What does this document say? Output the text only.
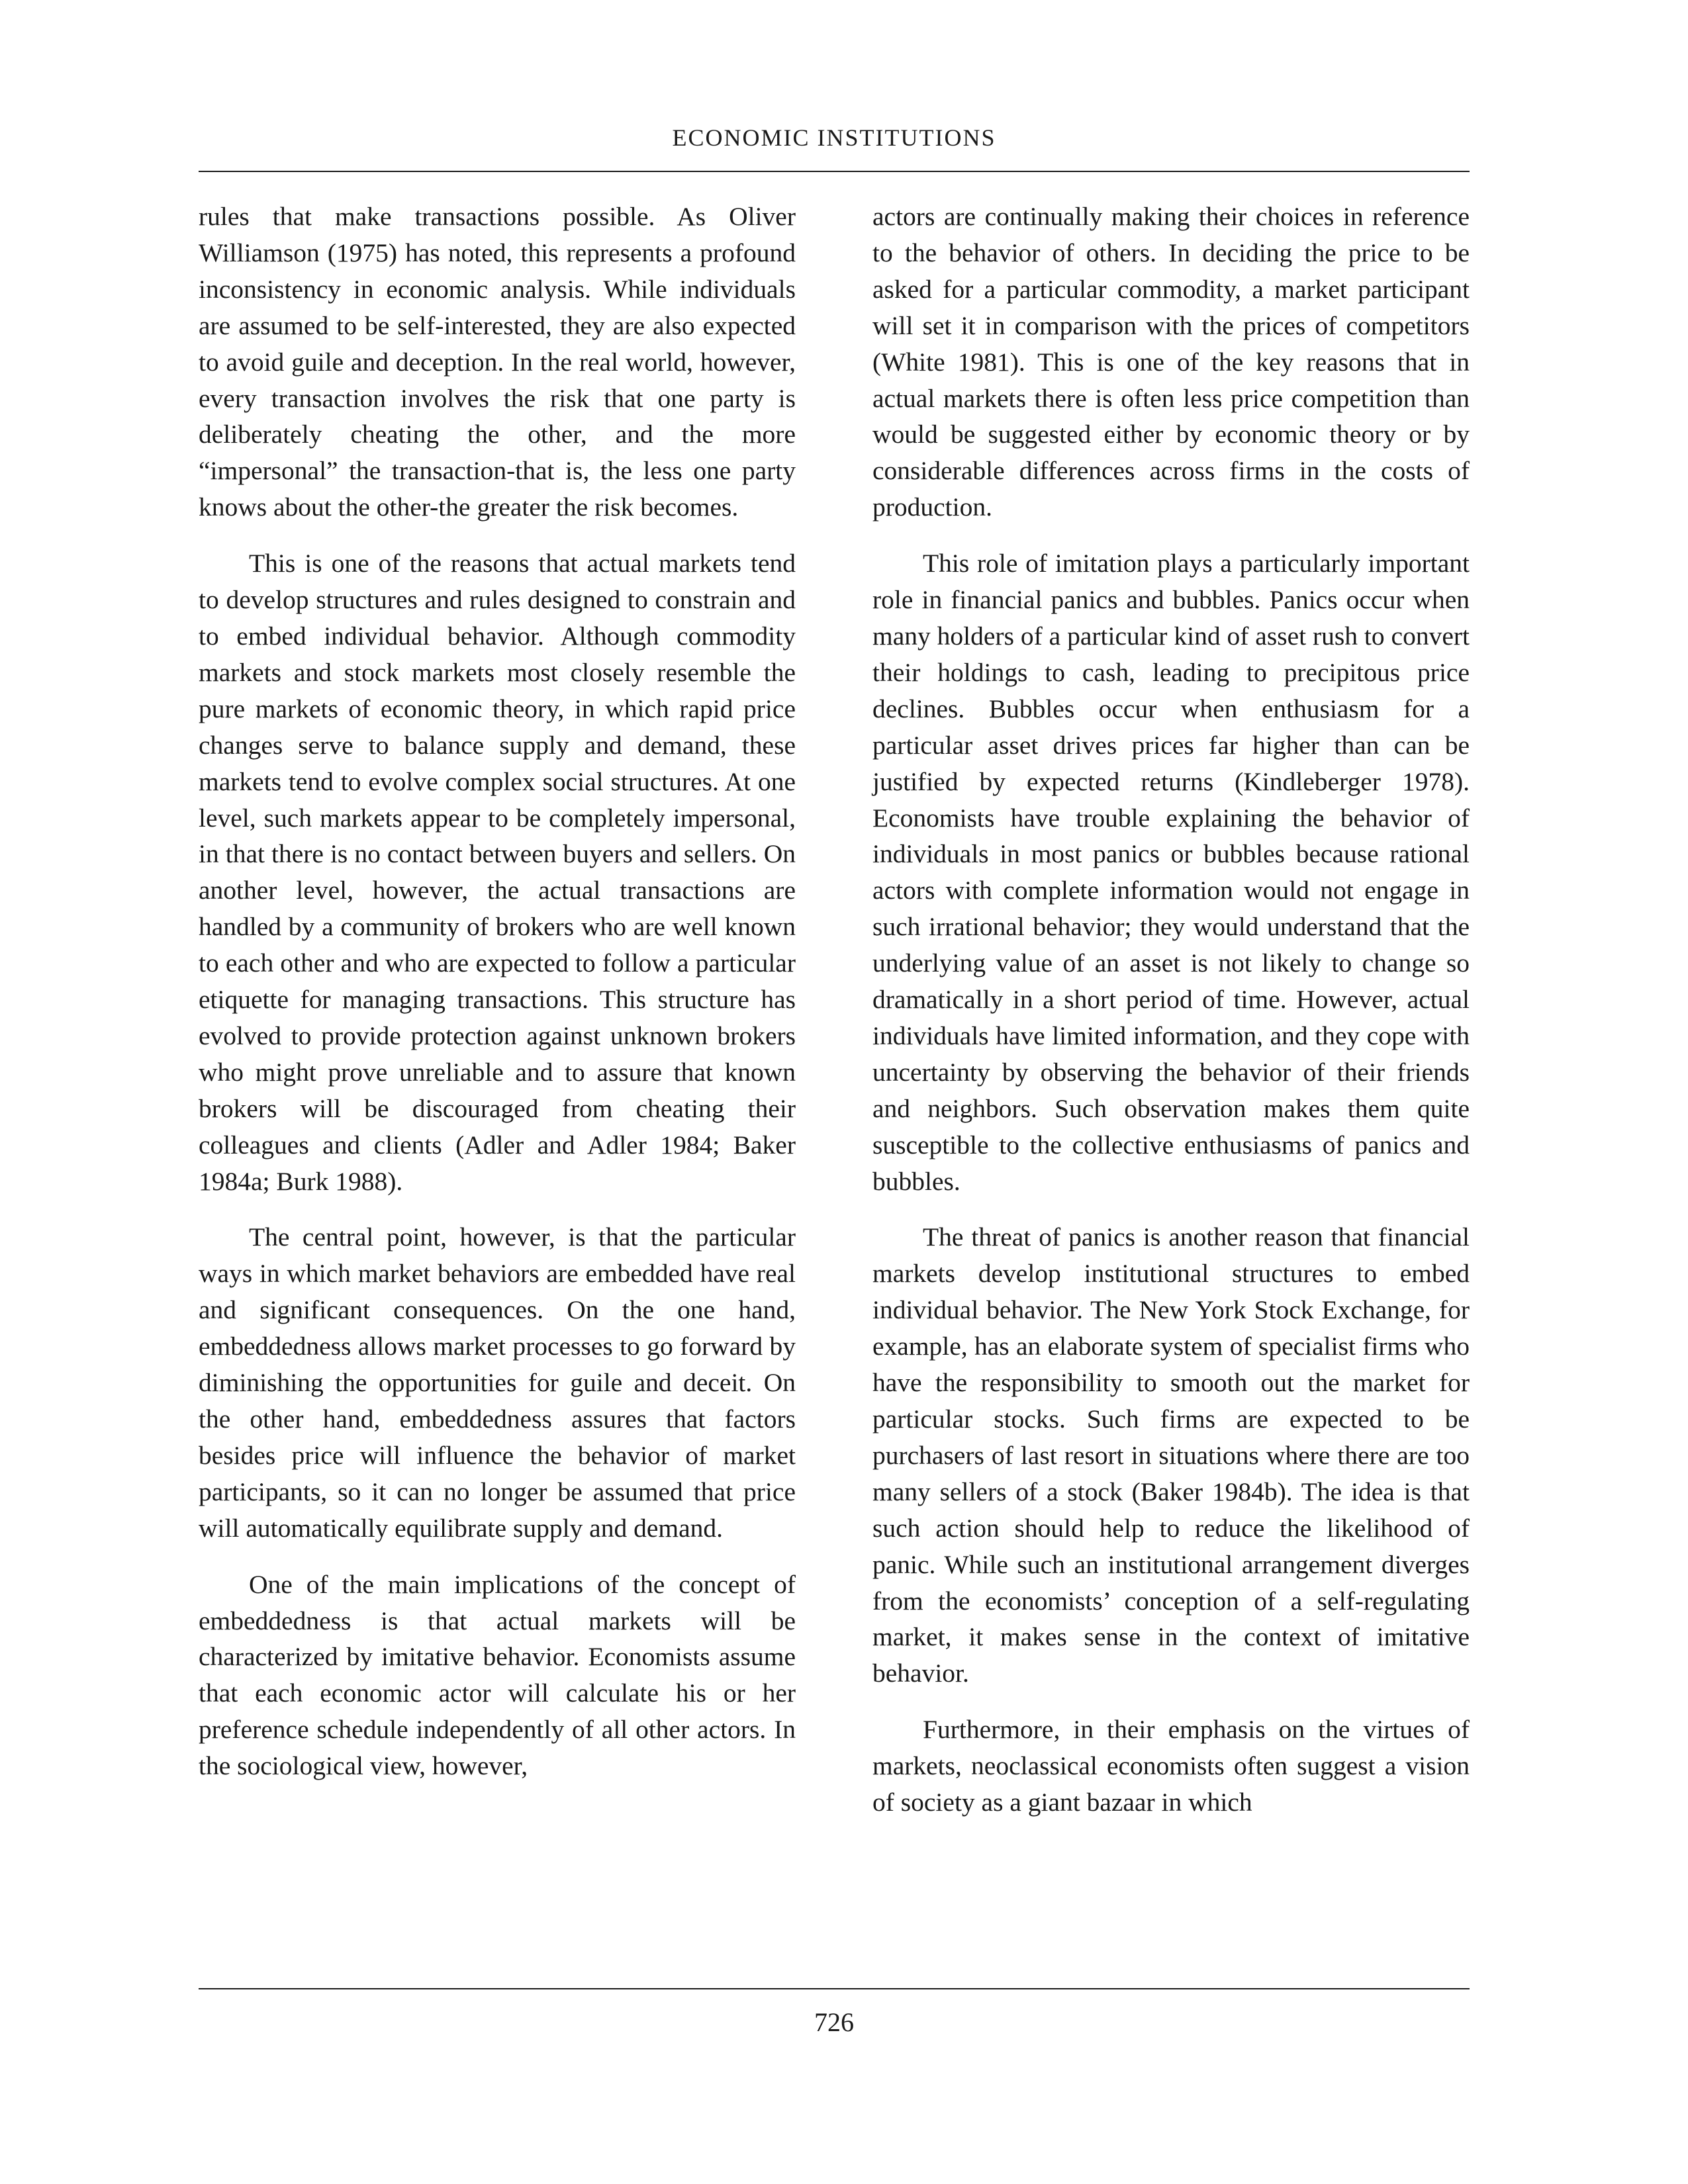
ECONOMIC INSTITUTIONS

rules that make transactions possible. As Oliver Williamson (1975) has noted, this represents a profound inconsistency in economic analysis. While individuals are assumed to be self-interested, they are also expected to avoid guile and deception. In the real world, however, every transaction involves the risk that one party is deliberately cheating the other, and the more “impersonal” the transaction-that is, the less one party knows about the other-the greater the risk becomes.

This is one of the reasons that actual markets tend to develop structures and rules designed to constrain and to embed individual behavior. Although commodity markets and stock markets most closely resemble the pure markets of economic theory, in which rapid price changes serve to balance supply and demand, these markets tend to evolve complex social structures. At one level, such markets appear to be completely impersonal, in that there is no contact between buyers and sellers. On another level, however, the actual transactions are handled by a community of brokers who are well known to each other and who are expected to follow a particular etiquette for managing transactions. This structure has evolved to provide protection against unknown brokers who might prove unreliable and to assure that known brokers will be discouraged from cheating their colleagues and clients (Adler and Adler 1984; Baker 1984a; Burk 1988).

The central point, however, is that the particular ways in which market behaviors are embedded have real and significant consequences. On the one hand, embeddedness allows market processes to go forward by diminishing the opportunities for guile and deceit. On the other hand, embeddedness assures that factors besides price will influence the behavior of market participants, so it can no longer be assumed that price will automatically equilibrate supply and demand.

One of the main implications of the concept of embeddedness is that actual markets will be characterized by imitative behavior. Economists assume that each economic actor will calculate his or her preference schedule independently of all other actors. In the sociological view, however,

actors are continually making their choices in reference to the behavior of others. In deciding the price to be asked for a particular commodity, a market participant will set it in comparison with the prices of competitors (White 1981). This is one of the key reasons that in actual markets there is often less price competition than would be suggested either by economic theory or by considerable differences across firms in the costs of production.

This role of imitation plays a particularly important role in financial panics and bubbles. Panics occur when many holders of a particular kind of asset rush to convert their holdings to cash, leading to precipitous price declines. Bubbles occur when enthusiasm for a particular asset drives prices far higher than can be justified by expected returns (Kindleberger 1978). Economists have trouble explaining the behavior of individuals in most panics or bubbles because rational actors with complete information would not engage in such irrational behavior; they would understand that the underlying value of an asset is not likely to change so dramatically in a short period of time. However, actual individuals have limited information, and they cope with uncertainty by observing the behavior of their friends and neighbors. Such observation makes them quite susceptible to the collective enthusiasms of panics and bubbles.

The threat of panics is another reason that financial markets develop institutional structures to embed individual behavior. The New York Stock Exchange, for example, has an elaborate system of specialist firms who have the responsibility to smooth out the market for particular stocks. Such firms are expected to be purchasers of last resort in situations where there are too many sellers of a stock (Baker 1984b). The idea is that such action should help to reduce the likelihood of panic. While such an institutional arrangement diverges from the economists’ conception of a self-regulating market, it makes sense in the context of imitative behavior.

Furthermore, in their emphasis on the virtues of markets, neoclassical economists often suggest a vision of society as a giant bazaar in which

726
